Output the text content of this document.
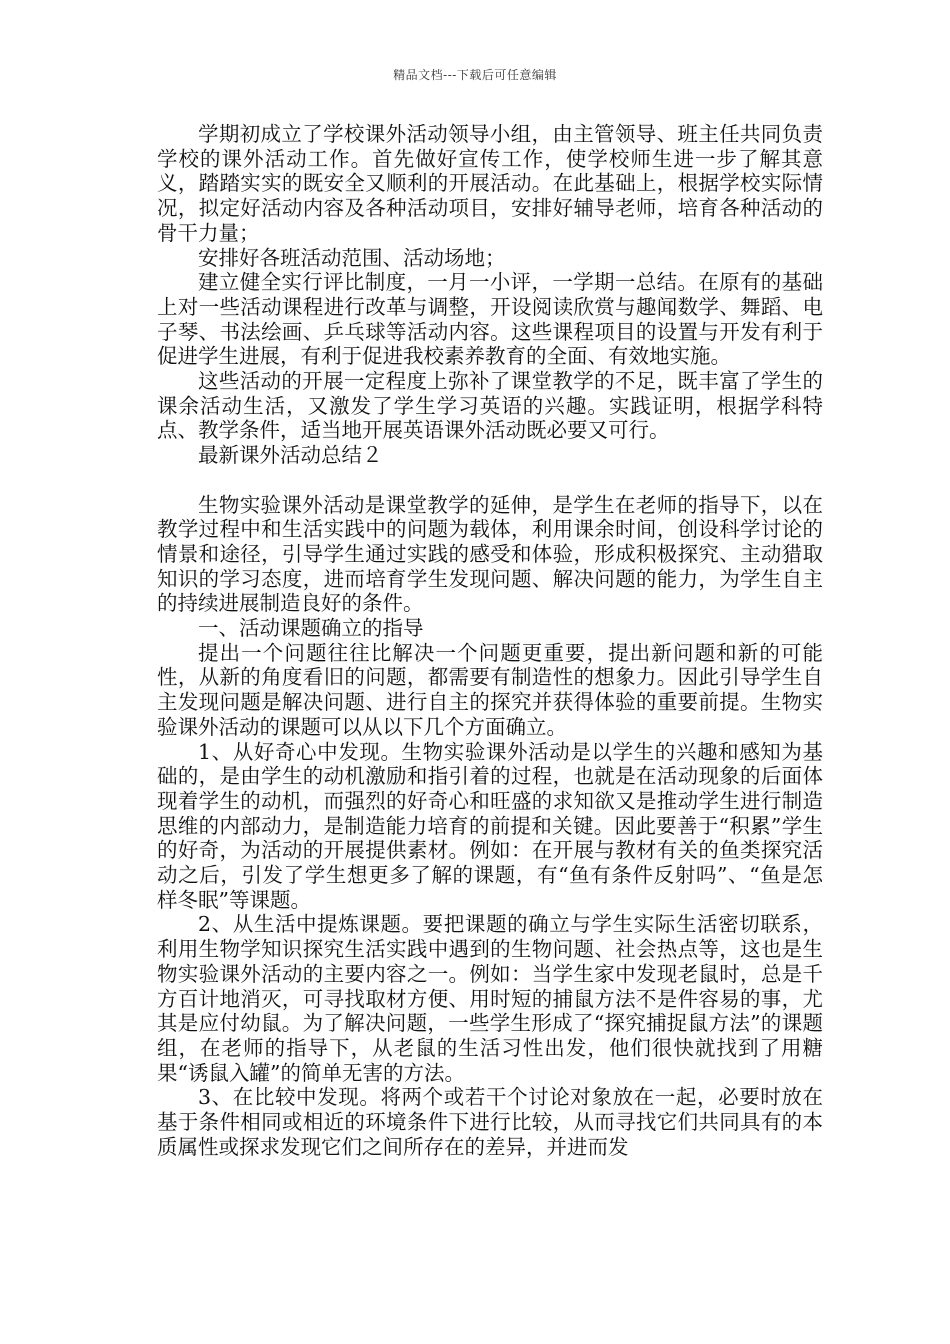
精品文档---下载后可任意编辑

学期初成立了学校课外活动领导小组，由主管领导、班主任共同负责学校的课外活动工作。首先做好宣传工作，使学校师生进一步了解其意义，踏踏实实的既安全又顺利的开展活动。在此基础上，根据学校实际情况，拟定好活动内容及各种活动项目，安排好辅导老师，培育各种活动的骨干力量；

安排好各班活动范围、活动场地；

建立健全实行评比制度，一月一小评，一学期一总结。在原有的基础上对一些活动课程进行改革与调整，开设阅读欣赏与趣闻数学、舞蹈、电子琴、书法绘画、乒乓球等活动内容。这些课程项目的设置与开发有利于促进学生进展，有利于促进我校素养教育的全面、有效地实施。

这些活动的开展一定程度上弥补了课堂教学的不足，既丰富了学生的课余活动生活，又激发了学生学习英语的兴趣。实践证明，根据学科特点、教学条件，适当地开展英语课外活动既必要又可行。

最新课外活动总结２

生物实验课外活动是课堂教学的延伸，是学生在老师的指导下，以在教学过程中和生活实践中的问题为载体，利用课余时间，创设科学讨论的情景和途径，引导学生通过实践的感受和体验，形成积极探究、主动猎取知识的学习态度，进而培育学生发现问题、解决问题的能力，为学生自主的持续进展制造良好的条件。

一、活动课题确立的指导

提出一个问题往往比解决一个问题更重要，提出新问题和新的可能性，从新的角度看旧的问题，都需要有制造性的想象力。因此引导学生自主发现问题是解决问题、进行自主的探究并获得体验的重要前提。生物实验课外活动的课题可以从以下几个方面确立。

1、从好奇心中发现。生物实验课外活动是以学生的兴趣和感知为基础的，是由学生的动机激励和指引着的过程，也就是在活动现象的后面体现着学生的动机，而强烈的好奇心和旺盛的求知欲又是推动学生进行制造思维的内部动力，是制造能力培育的前提和关键。因此要善于“积累”学生的好奇，为活动的开展提供素材。例如：在开展与教材有关的鱼类探究活动之后，引发了学生想更多了解的课题，有“鱼有条件反射吗”、“鱼是怎样冬眠”等课题。

2、从生活中提炼课题。要把课题的确立与学生实际生活密切联系，利用生物学知识探究生活实践中遇到的生物问题、社会热点等，这也是生物实验课外活动的主要内容之一。例如：当学生家中发现老鼠时，总是千方百计地消灭，可寻找取材方便、用时短的捕鼠方法不是件容易的事，尤其是应付幼鼠。为了解决问题，一些学生形成了“探究捕捉鼠方法”的课题组，在老师的指导下，从老鼠的生活习性出发，他们很快就找到了用糖果“诱鼠入罐”的简单无害的方法。

3、在比较中发现。将两个或若干个讨论对象放在一起，必要时放在基于条件相同或相近的环境条件下进行比较，从而寻找它们共同具有的本质属性或探求发现它们之间所存在的差异，并进而发
